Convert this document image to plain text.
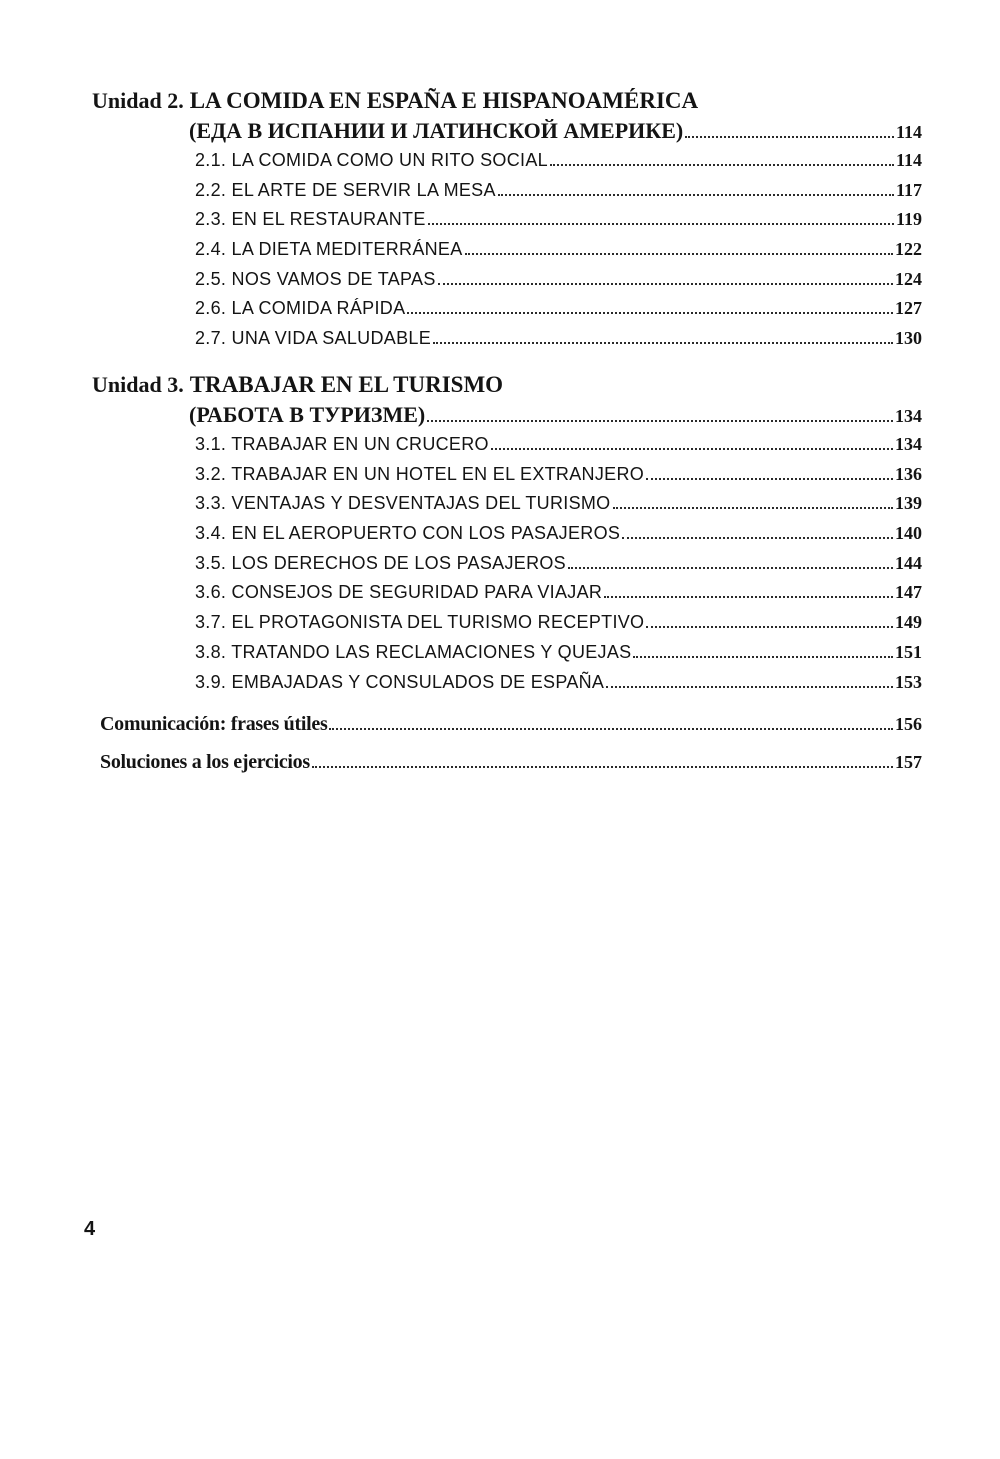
Unidad 2. LA COMIDA EN ESPAÑA E HISPANOAMÉRICA
(ЕДА В ИСПАНИИ И ЛАТИНСКОЙ АМЕРИКЕ)	114
2.1. LA COMIDA COMO UN RITO SOCIAL	114
2.2. EL ARTE DE SERVIR LA MESA	117
2.3. EN EL RESTAURANTE	119
2.4. LA DIETA MEDITERRÁNEA	122
2.5. NOS VAMOS DE TAPAS	124
2.6. LA COMIDA RÁPIDA	127
2.7. UNA VIDA SALUDABLE	130
Unidad 3. TRABAJAR EN EL TURISMO
(РАБОТА В ТУРИЗМЕ)	134
3.1. TRABAJAR EN UN CRUCERO	134
3.2. TRABAJAR EN UN HOTEL EN EL EXTRANJERO	136
3.3. VENTAJAS Y DESVENTAJAS DEL TURISMO	139
3.4. EN EL AEROPUERTO CON LOS PASAJEROS	140
3.5. LOS DERECHOS DE LOS PASAJEROS	144
3.6. CONSEJOS DE SEGURIDAD PARA VIAJAR	147
3.7. EL PROTAGONISTA DEL TURISMO RECEPTIVO	149
3.8. TRATANDO LAS RECLAMACIONES Y QUEJAS	151
3.9. EMBAJADAS Y CONSULADOS DE ESPAÑA	153
Comunicación: frases útiles	156
Soluciones a los ejercicios	157
4
